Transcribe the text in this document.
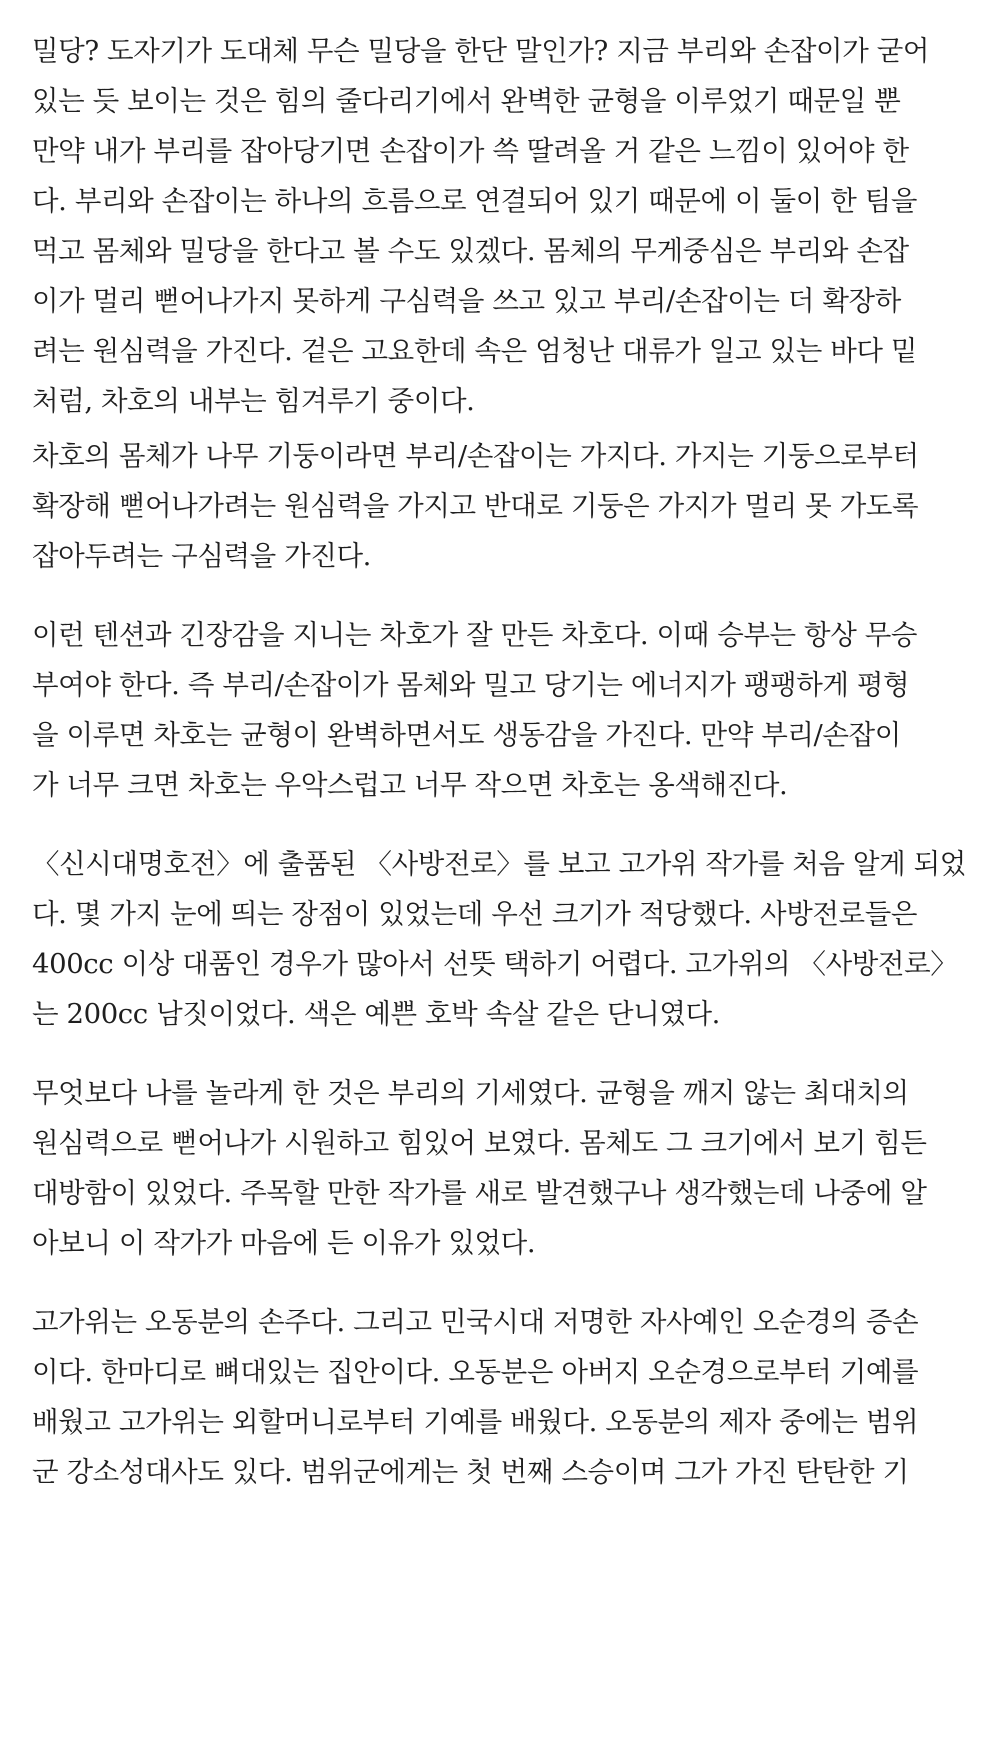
밀당? 도자기가 도대체 무슨 밀당을 한단 말인가? 지금 부리와 손잡이가 굳어
있는 듯 보이는 것은 힘의 줄다리기에서 완벽한 균형을 이루었기 때문일 뿐
만약 내가 부리를 잡아당기면 손잡이가 쓱 딸려올 거 같은 느낌이 있어야 한
다. 부리와 손잡이는 하나의 흐름으로 연결되어 있기 때문에 이 둘이 한 팀을
먹고 몸체와 밀당을 한다고 볼 수도 있겠다. 몸체의 무게중심은 부리와 손잡
이가 멀리 뻗어나가지 못하게 구심력을 쓰고 있고 부리/손잡이는 더 확장하
려는 원심력을 가진다. 겉은 고요한데 속은 엄청난 대류가 일고 있는 바다 밑
처럼, 차호의 내부는 힘겨루기 중이다.
차호의 몸체가 나무 기둥이라면 부리/손잡이는 가지다. 가지는 기둥으로부터
확장해 뻗어나가려는 원심력을 가지고 반대로 기둥은 가지가 멀리 못 가도록
잡아두려는 구심력을 가진다.
이런 텐션과 긴장감을 지니는 차호가 잘 만든 차호다. 이때 승부는 항상 무승
부여야 한다. 즉 부리/손잡이가 몸체와 밀고 당기는 에너지가 팽팽하게 평형
을 이루면 차호는 균형이 완벽하면서도 생동감을 가진다. 만약 부리/손잡이
가 너무 크면 차호는 우악스럽고 너무 작으면 차호는 옹색해진다.
〈신시대명호전〉에 출품된 〈사방전로〉를 보고 고가위 작가를 처음 알게 되었
다. 몇 가지 눈에 띄는 장점이 있었는데 우선 크기가 적당했다. 사방전로들은
400cc 이상 대품인 경우가 많아서 선뜻 택하기 어렵다. 고가위의 〈사방전로〉
는 200cc 남짓이었다. 색은 예쁜 호박 속살 같은 단니였다.
무엇보다 나를 놀라게 한 것은 부리의 기세였다. 균형을 깨지 않는 최대치의
원심력으로 뻗어나가 시원하고 힘있어 보였다. 몸체도 그 크기에서 보기 힘든
대방함이 있었다. 주목할 만한 작가를 새로 발견했구나 생각했는데 나중에 알
아보니 이 작가가 마음에 든 이유가 있었다.
고가위는 오동분의 손주다. 그리고 민국시대 저명한 자사예인 오순경의 증손
이다. 한마디로 뼈대있는 집안이다. 오동분은 아버지 오순경으로부터 기예를
배웠고 고가위는 외할머니로부터 기예를 배웠다. 오동분의 제자 중에는 범위
군 강소성대사도 있다. 범위군에게는 첫 번째 스승이며 그가 가진 탄탄한 기
